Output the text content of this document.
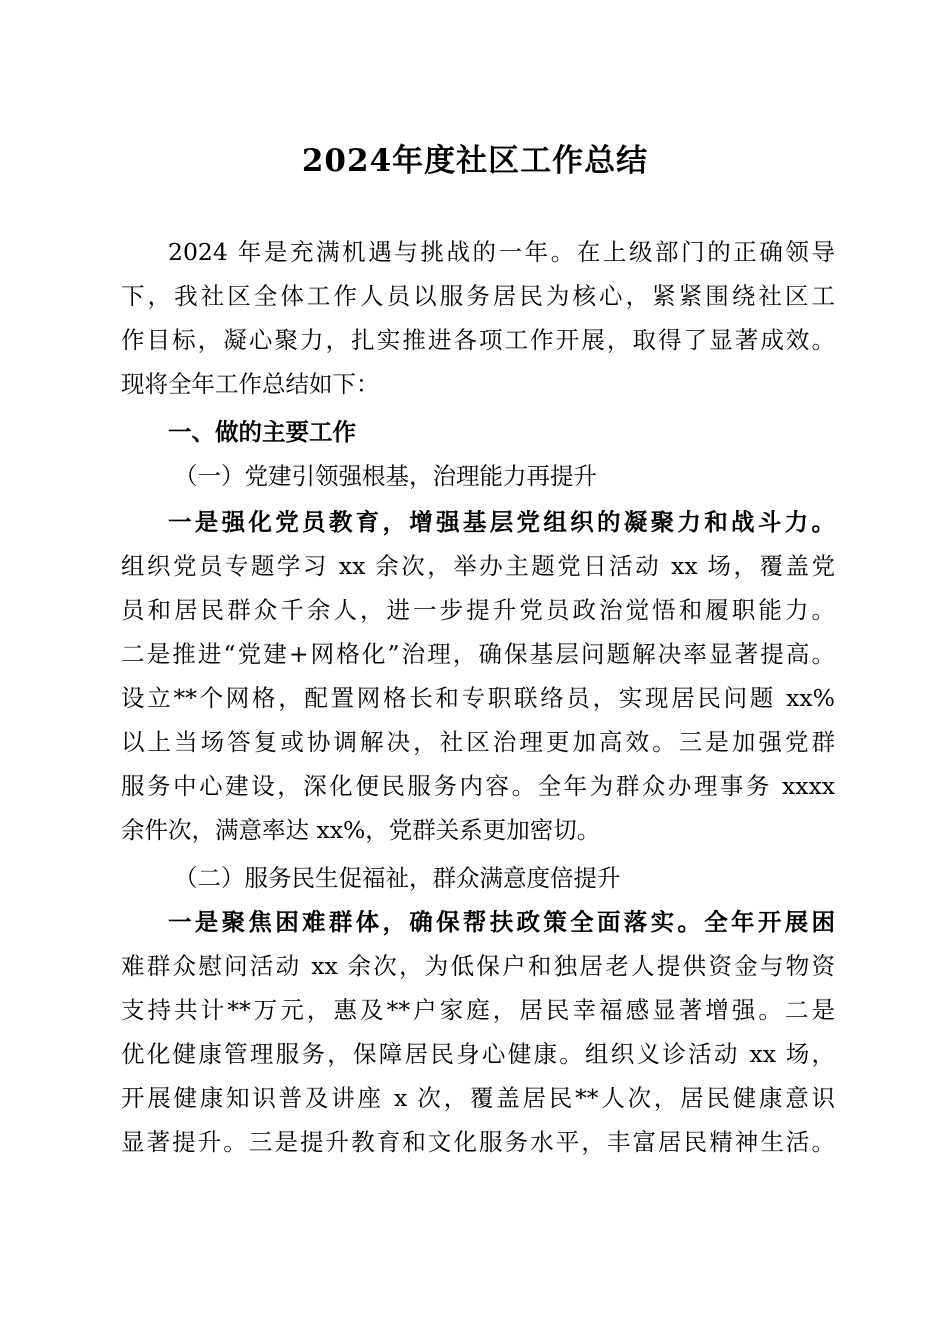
2024年度社区工作总结
2024 年是充满机遇与挑战的一年。在上级部门的正确领导
下，我社区全体工作人员以服务居民为核心，紧紧围绕社区工
作目标，凝心聚力，扎实推进各项工作开展，取得了显著成效。
现将全年工作总结如下：
一、做的主要工作
（一）党建引领强根基，治理能力再提升
一是强化党员教育，增强基层党组织的凝聚力和战斗力。
组织党员专题学习 xx 余次，举办主题党日活动 xx 场，覆盖党
员和居民群众千余人，进一步提升党员政治觉悟和履职能力。
二是推进“党建+网格化”治理，确保基层问题解决率显著提高。
设立**个网格，配置网格长和专职联络员，实现居民问题 xx%
以上当场答复或协调解决，社区治理更加高效。三是加强党群
服务中心建设，深化便民服务内容。全年为群众办理事务 xxxx
余件次，满意率达 xx%，党群关系更加密切。
（二）服务民生促福祉，群众满意度倍提升
一是聚焦困难群体，确保帮扶政策全面落实。全年开展困
难群众慰问活动 xx 余次，为低保户和独居老人提供资金与物资
支持共计**万元，惠及**户家庭，居民幸福感显著增强。二是
优化健康管理服务，保障居民身心健康。组织义诊活动 xx 场，
开展健康知识普及讲座 x 次，覆盖居民**人次，居民健康意识
显著提升。三是提升教育和文化服务水平，丰富居民精神生活。
